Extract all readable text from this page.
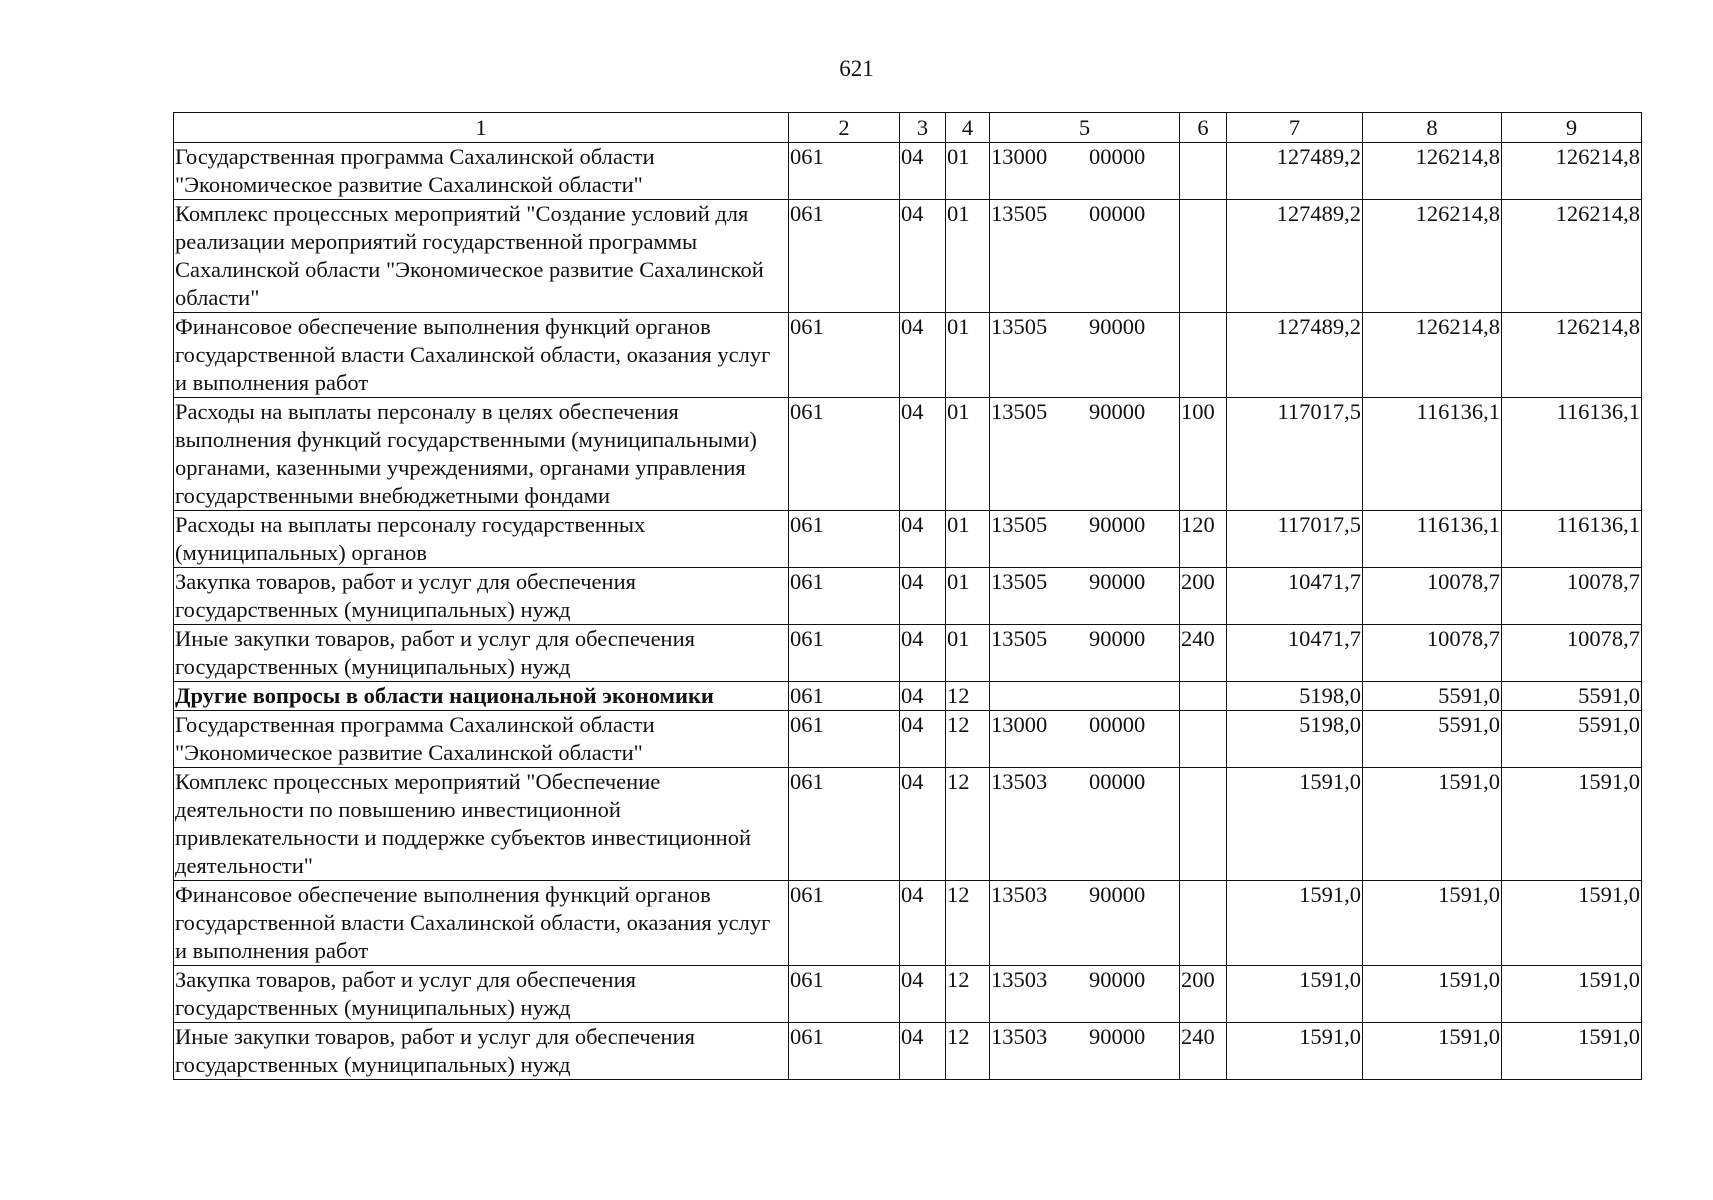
621
1	2	3	4	5	6	7	8	9
Государственная программа Сахалинской области "Экономическое развитие Сахалинской области"	061	04	01	13000 00000		127489,2	126214,8	126214,8
Комплекс процессных мероприятий "Создание условий для реализации мероприятий государственной программы Сахалинской области "Экономическое развитие Сахалинской области"	061	04	01	13505 00000		127489,2	126214,8	126214,8
Финансовое обеспечение выполнения функций органов государственной власти Сахалинской области, оказания услуг и выполнения работ	061	04	01	13505 90000		127489,2	126214,8	126214,8
Расходы на выплаты персоналу в целях обеспечения выполнения функций государственными (муниципальными) органами, казенными учреждениями, органами управления государственными внебюджетными фондами	061	04	01	13505 90000	100	117017,5	116136,1	116136,1
Расходы на выплаты персоналу государственных (муниципальных) органов	061	04	01	13505 90000	120	117017,5	116136,1	116136,1
Закупка товаров, работ и услуг для обеспечения государственных (муниципальных) нужд	061	04	01	13505 90000	200	10471,7	10078,7	10078,7
Иные закупки товаров, работ и услуг для обеспечения государственных (муниципальных) нужд	061	04	01	13505 90000	240	10471,7	10078,7	10078,7
Другие вопросы в области национальной экономики	061	04	12			5198,0	5591,0	5591,0
Государственная программа Сахалинской области "Экономическое развитие Сахалинской области"	061	04	12	13000 00000		5198,0	5591,0	5591,0
Комплекс процессных мероприятий "Обеспечение деятельности по повышению инвестиционной привлекательности и поддержке субъектов инвестиционной деятельности"	061	04	12	13503 00000		1591,0	1591,0	1591,0
Финансовое обеспечение выполнения функций органов государственной власти Сахалинской области, оказания услуг и выполнения работ	061	04	12	13503 90000		1591,0	1591,0	1591,0
Закупка товаров, работ и услуг для обеспечения государственных (муниципальных) нужд	061	04	12	13503 90000	200	1591,0	1591,0	1591,0
Иные закупки товаров, работ и услуг для обеспечения государственных (муниципальных) нужд	061	04	12	13503 90000	240	1591,0	1591,0	1591,0
